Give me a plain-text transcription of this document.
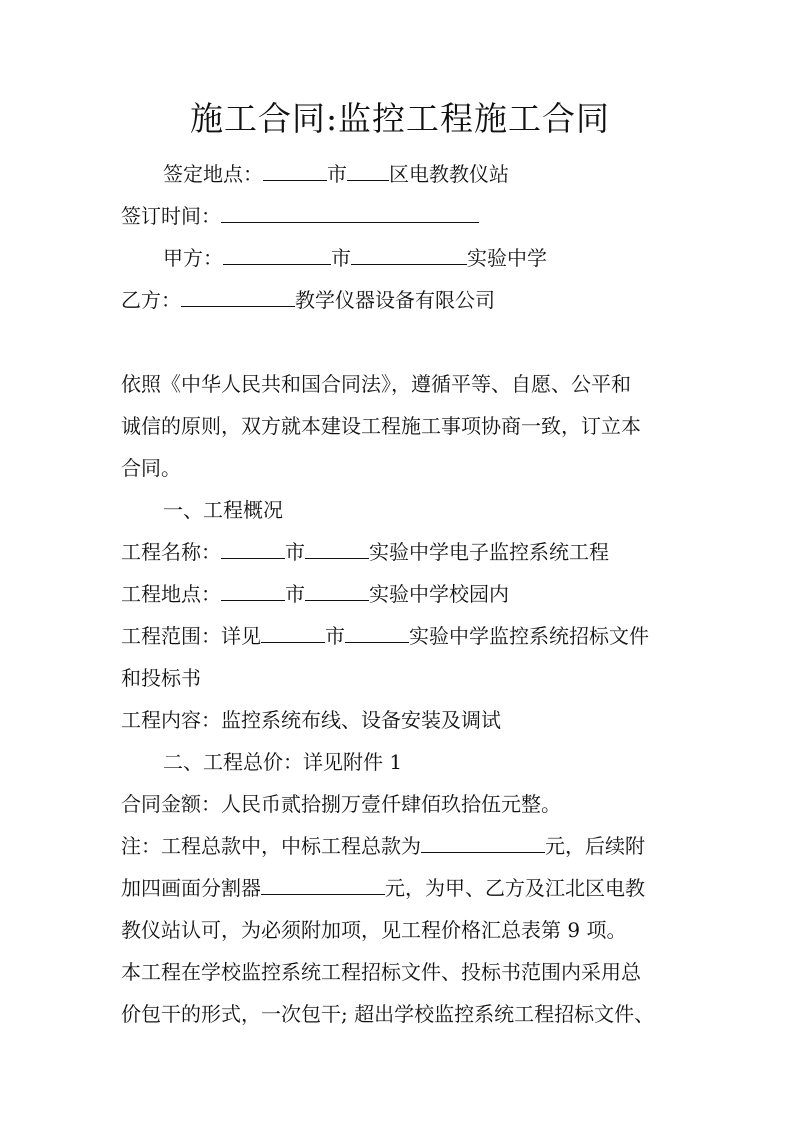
施工合同:监控工程施工合同

签定地点：	市 区电教教仪站

签订时间：

甲方：	市	实验中学

乙方：	教学仪器设备有限公司

依照《中华人民共和国合同法》，遵循平等、自愿、公平和

诚信的原则，双方就本建设工程施工事项协商一致，订立本

合同。

一、工程概况

工程名称：	市	实验中学电子监控系统工程

工程地点：	市	实验中学校园内

工程范围：详见	市	实验中学监控系统招标文件

和投标书

工程内容：监控系统布线、设备安装及调试

二、工程总价：详见附件 1

合同金额：人民币贰拾捌万壹仟肆佰玖拾伍元整。

注：工程总款中，中标工程总款为	元，后续附

加四画面分割器	元，为甲、乙方及江北区电教

教仪站认可，为必须附加项，见工程价格汇总表第 9 项。

本工程在学校监控系统工程招标文件、投标书范围内采用总

价包干的形式，一次包干; 超出学校监控系统工程招标文件、
